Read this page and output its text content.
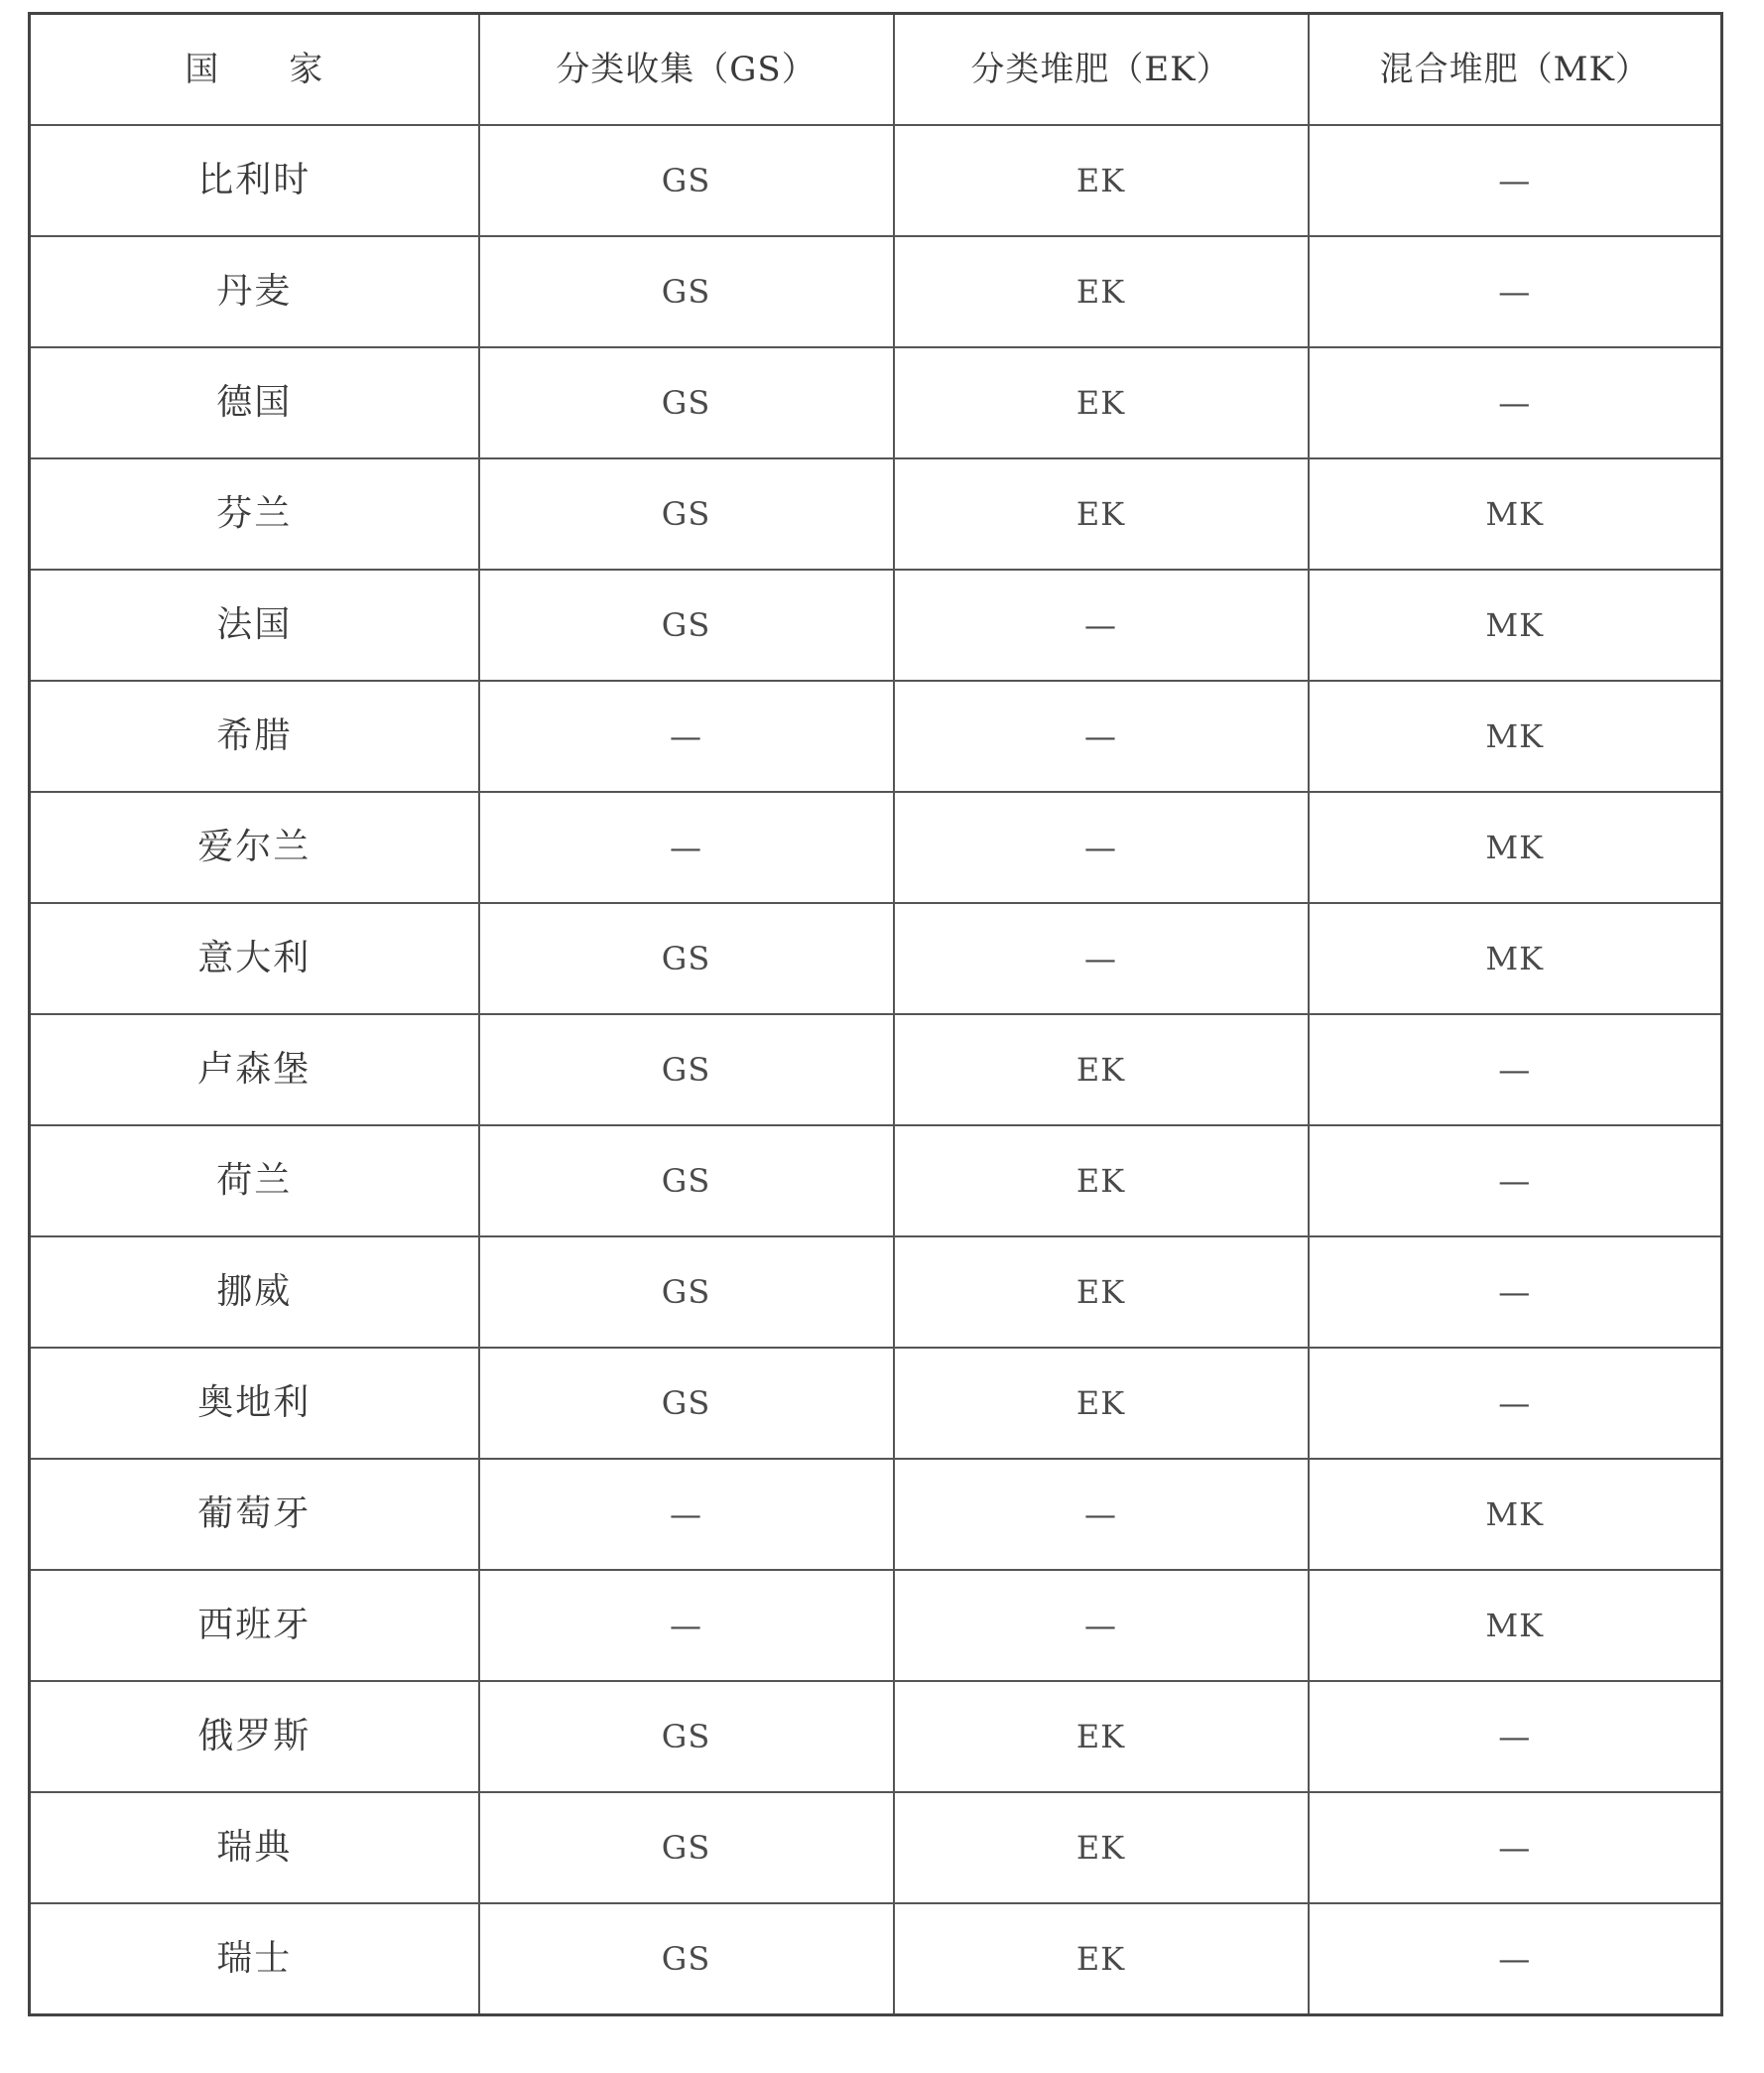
国　　家	分类收集（GS）	分类堆肥（EK）	混合堆肥（MK）
比利时	GS	EK	—
丹麦	GS	EK	—
德国	GS	EK	—
芬兰	GS	EK	MK
法国	GS	—	MK
希腊	—	—	MK
爱尔兰	—	—	MK
意大利	GS	—	MK
卢森堡	GS	EK	—
荷兰	GS	EK	—
挪威	GS	EK	—
奥地利	GS	EK	—
葡萄牙	—	—	MK
西班牙	—	—	MK
俄罗斯	GS	EK	—
瑞典	GS	EK	—
瑞士	GS	EK	—
